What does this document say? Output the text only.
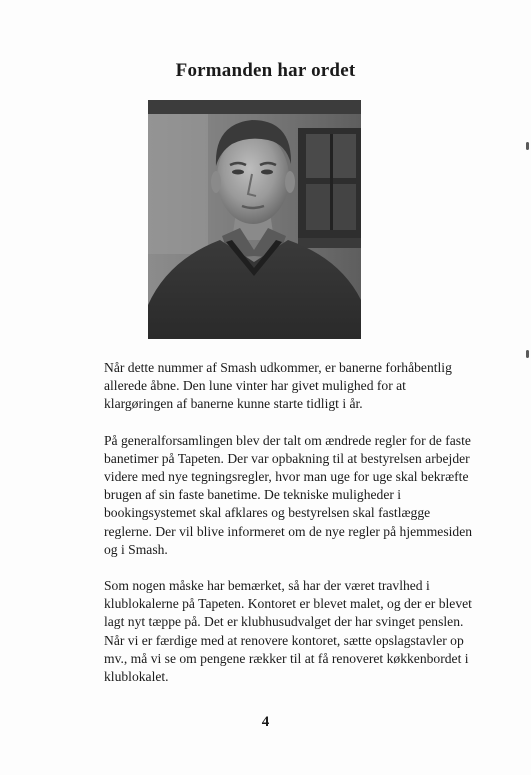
Formanden har ordet

Når dette nummer af Smash udkommer, er banerne forhåbentlig allerede åbne. Den lune vinter har givet mulighed for at klargøringen af banerne kunne starte tidligt i år.

På generalforsamlingen blev der talt om ændrede regler for de faste banetimer på Tapeten. Der var opbakning til at bestyrelsen arbejder videre med nye tegningsregler, hvor man uge for uge skal bekræfte brugen af sin faste banetime. De tekniske muligheder i bookingsystemet skal afklares og bestyrelsen skal fastlægge reglerne. Der vil blive informeret om de nye regler på hjemmesiden og i Smash.

Som nogen måske har bemærket, så har der været travlhed i klublokalerne på Tapeten. Kontoret er blevet malet, og der er blevet lagt nyt tæppe på. Det er klubhusudvalget der har svinget penslen. Når vi er færdige med at renovere kontoret, sætte opslagstavler op mv., må vi se om pengene rækker til at få renoveret køkkenbordet i klublokalet.

4
